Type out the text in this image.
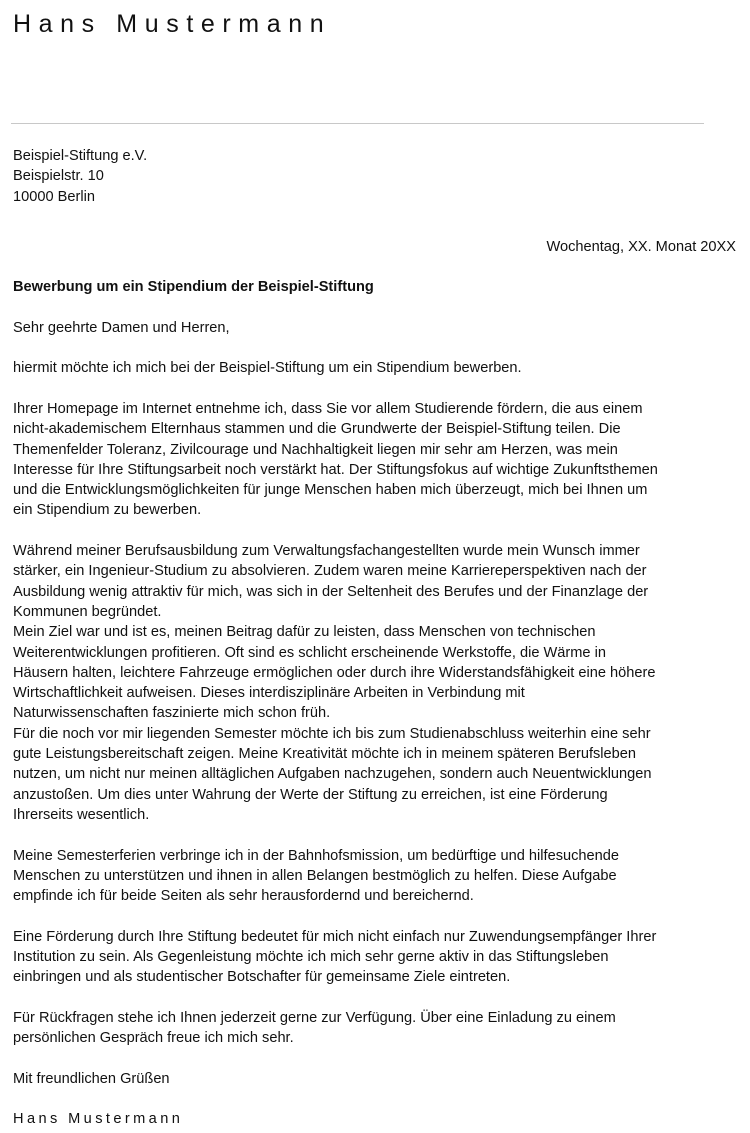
Hans Mustermann
Beispiel-Stiftung e.V.
Beispielstr. 10
10000 Berlin
Wochentag, XX. Monat 20XX
Bewerbung um ein Stipendium der Beispiel-Stiftung
Sehr geehrte Damen und Herren,
hiermit möchte ich mich bei der Beispiel-Stiftung um ein Stipendium bewerben.
Ihrer Homepage im Internet entnehme ich, dass Sie vor allem Studierende fördern, die aus einem
nicht-akademischem Elternhaus stammen und die Grundwerte der Beispiel-Stiftung teilen. Die
Themenfelder Toleranz, Zivilcourage und Nachhaltigkeit liegen mir sehr am Herzen, was mein
Interesse für Ihre Stiftungsarbeit noch verstärkt hat. Der Stiftungsfokus auf wichtige Zukunftsthemen
und die Entwicklungsmöglichkeiten für junge Menschen haben mich überzeugt, mich bei Ihnen um
ein Stipendium zu bewerben.
Während meiner Berufsausbildung zum Verwaltungsfachangestellten wurde mein Wunsch immer
stärker, ein Ingenieur-Studium zu absolvieren. Zudem waren meine Karriereperspektiven nach der
Ausbildung wenig attraktiv für mich, was sich in der Seltenheit des Berufes und der Finanzlage der
Kommunen begründet.
Mein Ziel war und ist es, meinen Beitrag dafür zu leisten, dass Menschen von technischen
Weiterentwicklungen profitieren. Oft sind es schlicht erscheinende Werkstoffe, die Wärme in
Häusern halten, leichtere Fahrzeuge ermöglichen oder durch ihre Widerstandsfähigkeit eine höhere
Wirtschaftlichkeit aufweisen. Dieses interdisziplinäre Arbeiten in Verbindung mit
Naturwissenschaften faszinierte mich schon früh.
Für die noch vor mir liegenden Semester möchte ich bis zum Studienabschluss weiterhin eine sehr
gute Leistungsbereitschaft zeigen. Meine Kreativität möchte ich in meinem späteren Berufsleben
nutzen, um nicht nur meinen alltäglichen Aufgaben nachzugehen, sondern auch Neuentwicklungen
anzustoßen. Um dies unter Wahrung der Werte der Stiftung zu erreichen, ist eine Förderung
Ihrerseits wesentlich.
Meine Semesterferien verbringe ich in der Bahnhofsmission, um bedürftige und hilfesuchende
Menschen zu unterstützen und ihnen in allen Belangen bestmöglich zu helfen. Diese Aufgabe
empfinde ich für beide Seiten als sehr herausfordernd und bereichernd.
Eine Förderung durch Ihre Stiftung bedeutet für mich nicht einfach nur Zuwendungsempfänger Ihrer
Institution zu sein. Als Gegenleistung möchte ich mich sehr gerne aktiv in das Stiftungsleben
einbringen und als studentischer Botschafter für gemeinsame Ziele eintreten.
Für Rückfragen stehe ich Ihnen jederzeit gerne zur Verfügung. Über eine Einladung zu einem
persönlichen Gespräch freue ich mich sehr.
Mit freundlichen Grüßen
Hans Mustermann
